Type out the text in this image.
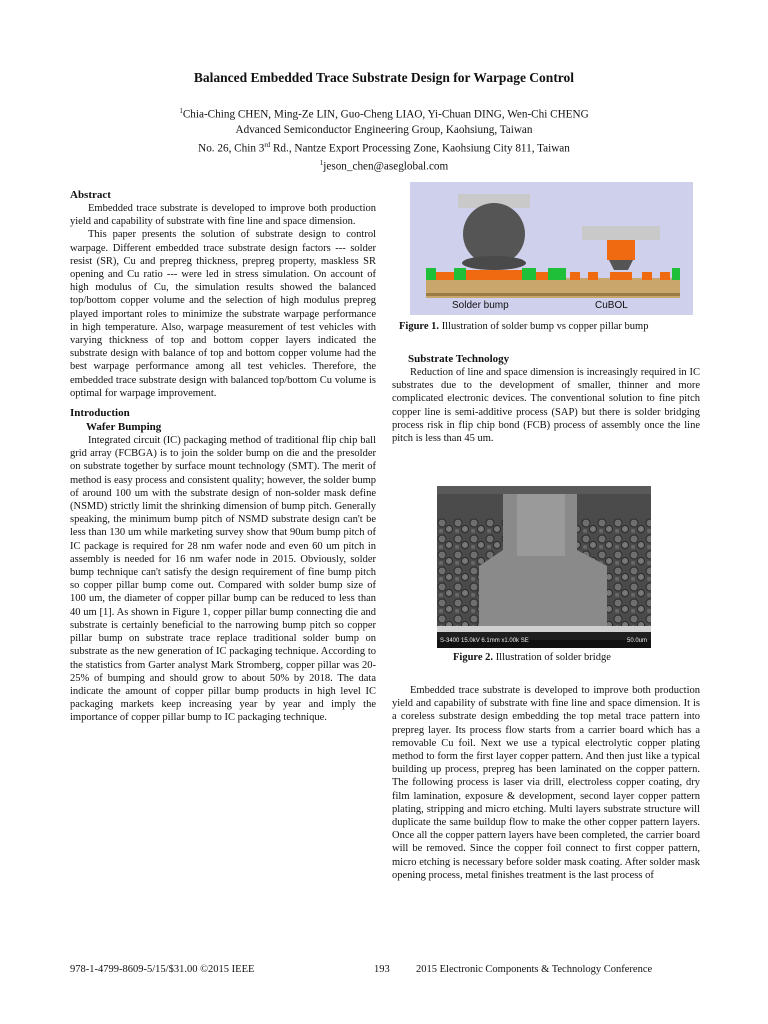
Balanced Embedded Trace Substrate Design for Warpage Control
$^1$Chia-Ching CHEN, Ming-Ze LIN, Guo-Cheng LIAO, Yi-Chuan DING, Wen-Chi CHENG
Advanced Semiconductor Engineering Group, Kaohsiung, Taiwan
No. 26, Chin 3rd Rd., Nantze Export Processing Zone, Kaohsiung City 811, Taiwan
$^1$jeson_chen@aseglobal.com

Abstract

Embedded trace substrate is developed to improve both production yield and capability of substrate with fine line and space dimension.

This paper presents the solution of substrate design to control warpage. Different embedded trace substrate design factors --- solder resist (SR), Cu and prepreg thickness, prepreg property, maskless SR opening and Cu ratio --- were led in stress simulation. On account of high modulus of Cu, the simulation results showed the balanced top/bottom copper volume and the selection of high modulus prepreg played important roles to minimize the substrate warpage performance in high temperature. Also, warpage measurement of test vehicles with varying thickness of top and bottom copper layers indicated the substrate design with balance of top and bottom copper volume had the best warpage performance among all test vehicles. Therefore, the embedded trace substrate design with balanced top/bottom Cu volume is optimal for warpage improvement.

Introduction

Wafer Bumping

Integrated circuit (IC) packaging method of traditional flip chip ball grid array (FCBGA) is to join the solder bump on die and the presolder on substrate together by surface mount technology (SMT). The merit of method is easy process and consistent quality; however, the solder bump of around 100 um with the substrate design of non-solder mask define (NSMD) strictly limit the shrinking dimension of bump pitch. Generally speaking, the minimum bump pitch of NSMD substrate design can't be less than 130 um while marketing survey show that 90um bump pitch of IC package is required for 28 nm wafer node and even 60 um pitch in assembly is needed for 16 nm wafer node in 2015. Obviously, solder bump technique can't satisfy the design requirement of fine bump pitch so copper pillar bump come out. Compared with solder bump size of 100 um, the diameter of copper pillar bump can be reduced to less than 40 um [1]. As shown in Figure 1, copper pillar bump connecting die and substrate is certainly beneficial to the narrowing bump pitch so copper pillar bump on substrate trace replace traditional solder bump on substrate as the new generation of IC packaging technique. According to the statistics from Garter analyst Mark Stromberg, copper pillar was 20-25% of bumping and should grow to about 50% by 2018. The data indicate the amount of copper pillar bump products in high level IC packaging markets keep increasing year by year and imply the importance of copper pillar bump to IC packaging technique.

Solder bump	CuBOL
Figure 1. Illustration of solder bump vs copper pillar bump

Substrate Technology

Reduction of line and space dimension is increasingly required in IC substrates due to the development of smaller, thinner and more complicated electronic devices. The conventional solution to fine pitch copper line is semi-additive process (SAP) but there is solder bridging process risk in flip chip bond (FCB) process of assembly once the line pitch is less than 45 um.

S-3400 15.0kV 6.1mm x1.00k SE	50.0um
Figure 2. Illustration of solder bridge

Embedded trace substrate is developed to improve both production yield and capability of substrate with fine line and space dimension. It is a coreless substrate design embedding the top metal trace pattern into prepreg layer. Its process flow starts from a carrier board which has a removable Cu foil. Next we use a typical electrolytic copper plating method to form the first layer copper pattern. And then just like a typical building up process, prepreg has been laminated on the copper pattern. The following process is laser via drill, electroless copper coating, dry film lamination, exposure & development, second layer copper pattern plating, stripping and micro etching. Multi layers substrate structure will duplicate the same buildup flow to make the other copper pattern layers. Once all the copper pattern layers have been completed, the carrier board will be removed. Since the copper foil connect to first copper pattern, micro etching is necessary before solder mask coating. After solder mask opening process, metal finishes treatment is the last process of

978-1-4799-8609-5/15/$31.00 ©2015 IEEE	193	2015 Electronic Components & Technology Conference
